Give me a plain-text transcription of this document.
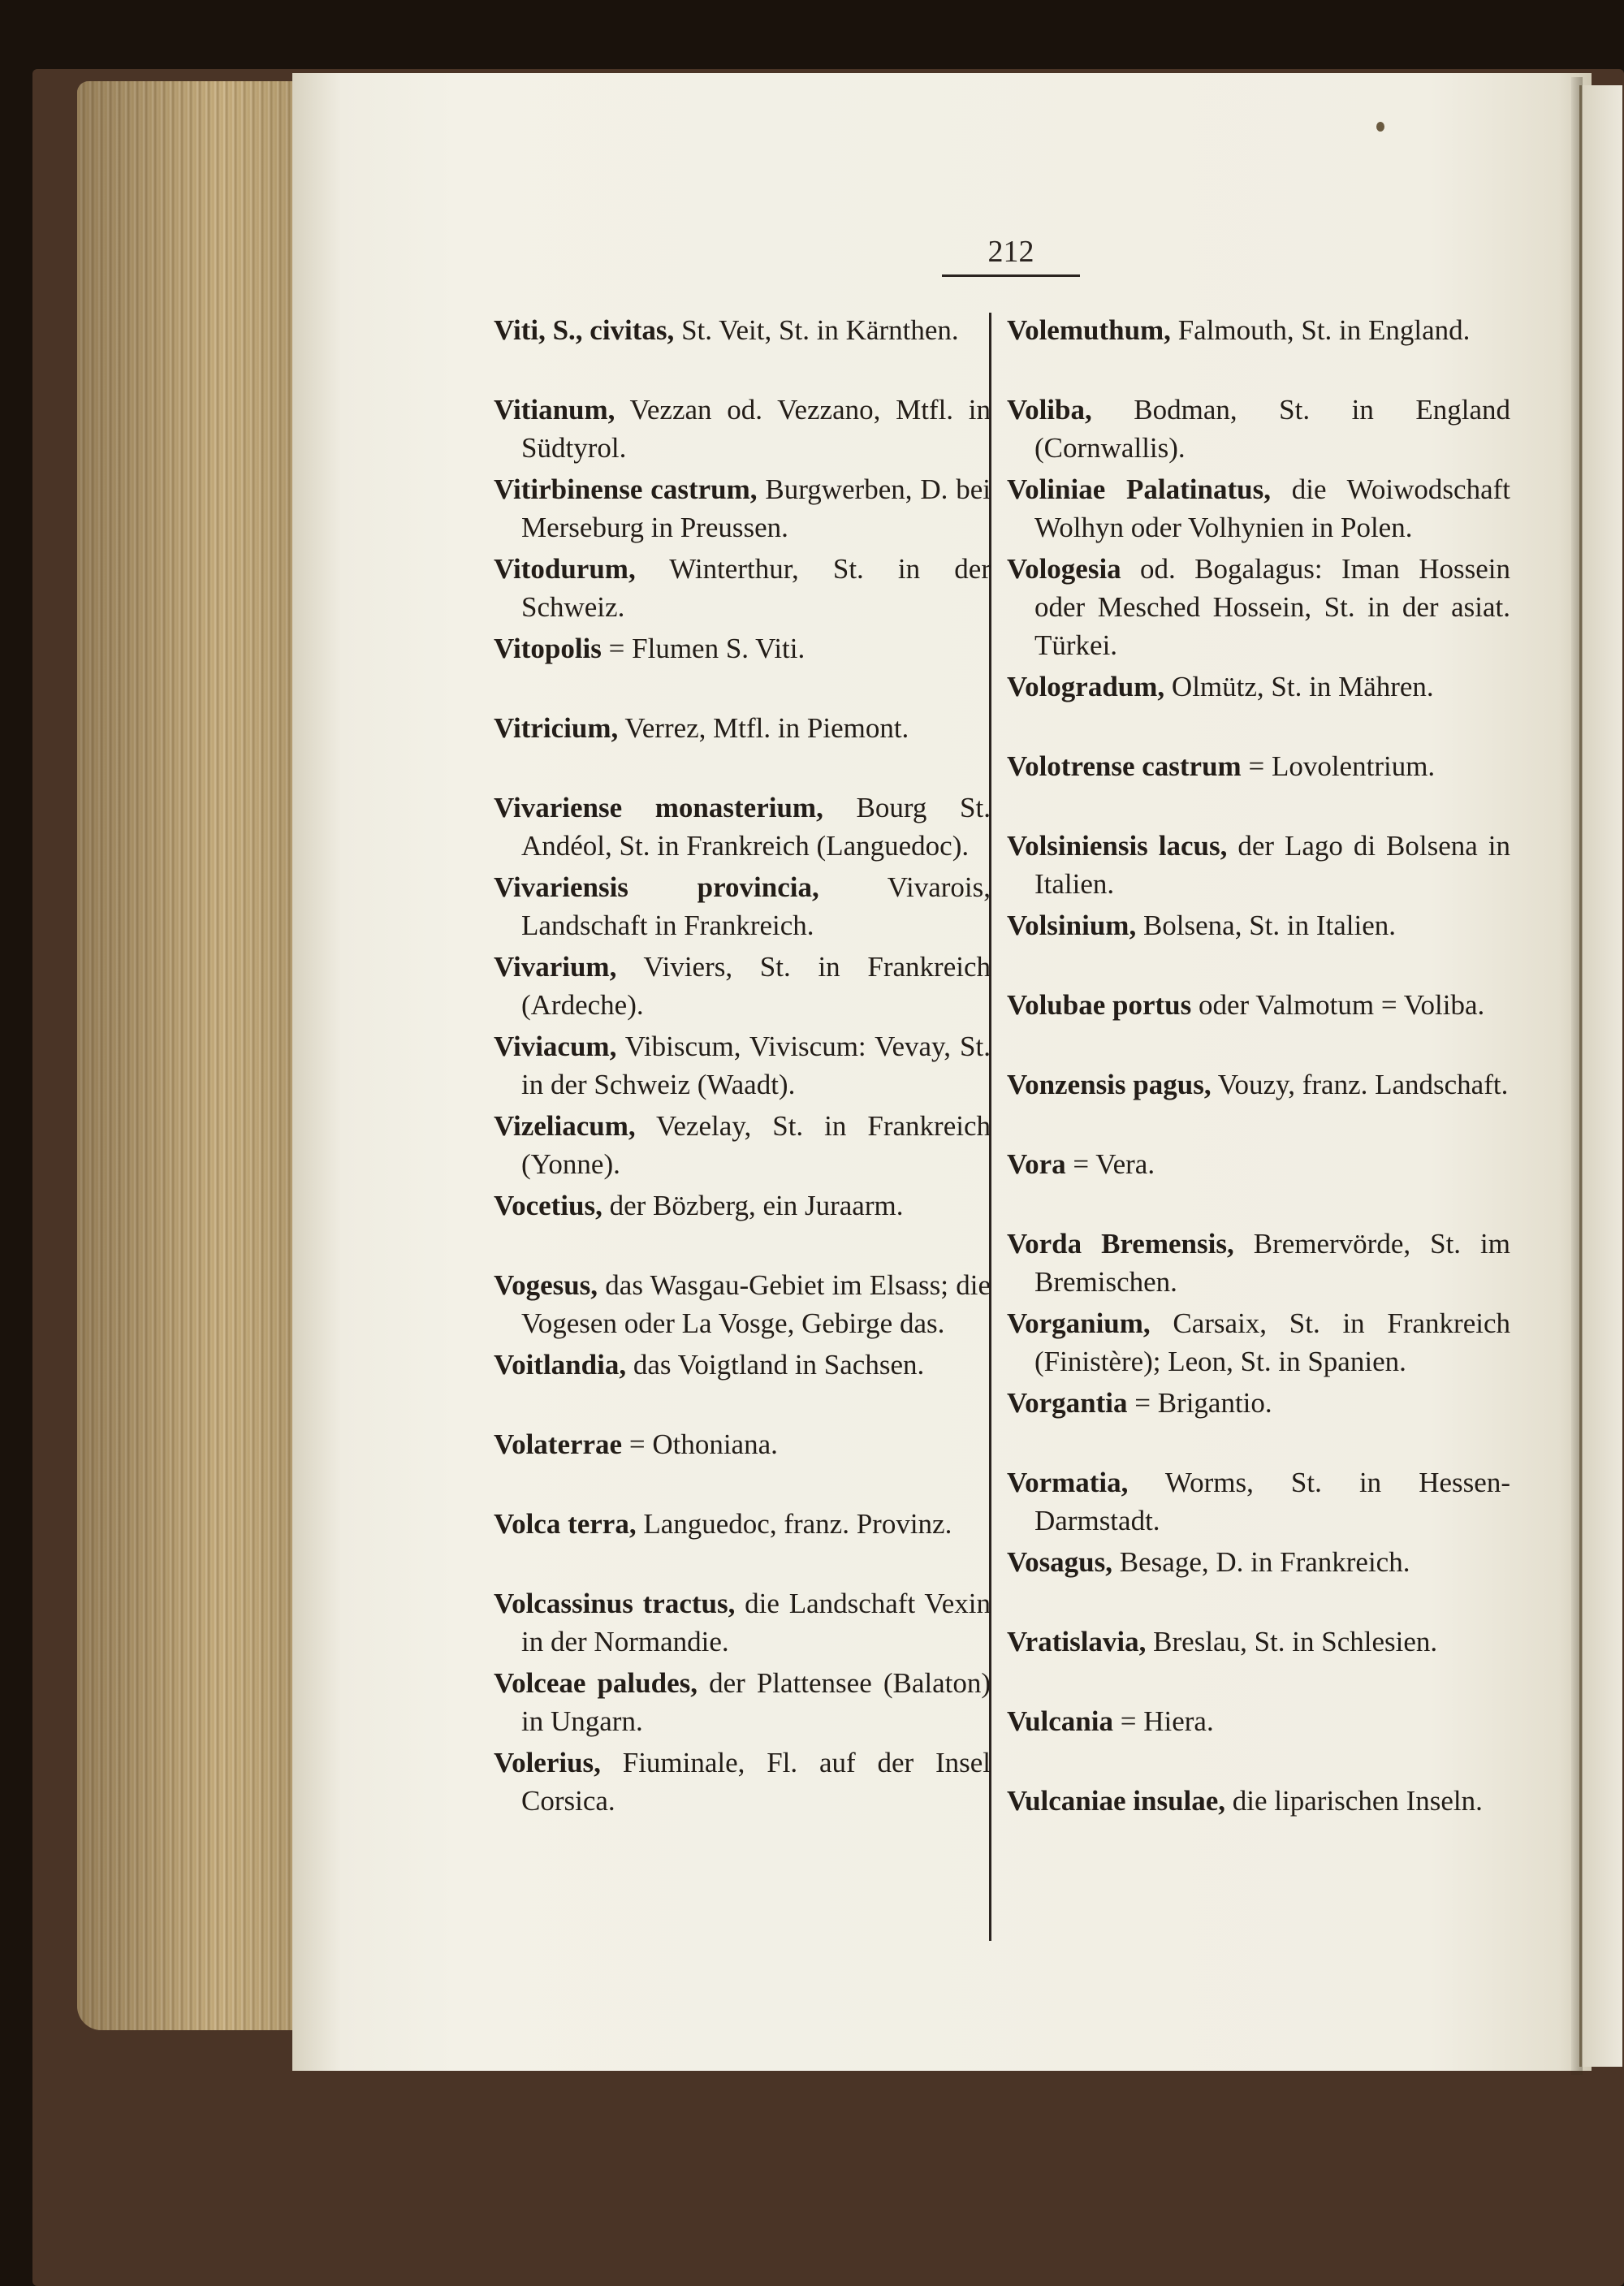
212
Viti, S., civitas, St. Veit, St. in Kärnthen.
Vitianum, Vezzan od. Vezzano, Mtfl. in Südtyrol.
Vitirbinense castrum, Burgwerben, D. bei Merseburg in Preussen.
Vitodurum, Winterthur, St. in der Schweiz.
Vitopolis = Flumen S. Viti.
Vitricium, Verrez, Mtfl. in Piemont.
Vivariense monasterium, Bourg St. Andéol, St. in Frankreich (Languedoc).
Vivariensis provincia, Vivarois, Landschaft in Frankreich.
Vivarium, Viviers, St. in Frankreich (Ardeche).
Viviacum, Vibiscum, Viviscum: Vevay, St. in der Schweiz (Waadt).
Vizeliacum, Vezelay, St. in Frankreich (Yonne).
Vocetius, der Bözberg, ein Juraarm.
Vogesus, das Wasgau-Gebiet im Elsass; die Vogesen oder La Vosge, Gebirge das.
Voitlandia, das Voigtland in Sachsen.
Volaterrae = Othoniana.
Volca terra, Languedoc, franz. Provinz.
Volcassinus tractus, die Landschaft Vexin in der Normandie.
Volceae paludes, der Plattensee (Balaton) in Ungarn.
Volerius, Fiuminale, Fl. auf der Insel Corsica.
Volemuthum, Falmouth, St. in England.
Voliba, Bodman, St. in England (Cornwallis).
Voliniae Palatinatus, die Woiwodschaft Wolhyn oder Volhynien in Polen.
Vologesia od. Bogalagus: Iman Hossein oder Mesched Hossein, St. in der asiat. Türkei.
Vologradum, Olmütz, St. in Mähren.
Volotrense castrum = Lovolentrium.
Volsiniensis lacus, der Lago di Bolsena in Italien.
Volsinium, Bolsena, St. in Italien.
Volubae portus oder Valmotum = Voliba.
Vonzensis pagus, Vouzy, franz. Landschaft.
Vora = Vera.
Vorda Bremensis, Bremervörde, St. im Bremischen.
Vorganium, Carsaix, St. in Frankreich (Finistère); Leon, St. in Spanien.
Vorgantia = Brigantio.
Vormatia, Worms, St. in Hessen-Darmstadt.
Vosagus, Besage, D. in Frankreich.
Vratislavia, Breslau, St. in Schlesien.
Vulcania = Hiera.
Vulcaniae insulae, die liparischen Inseln.
